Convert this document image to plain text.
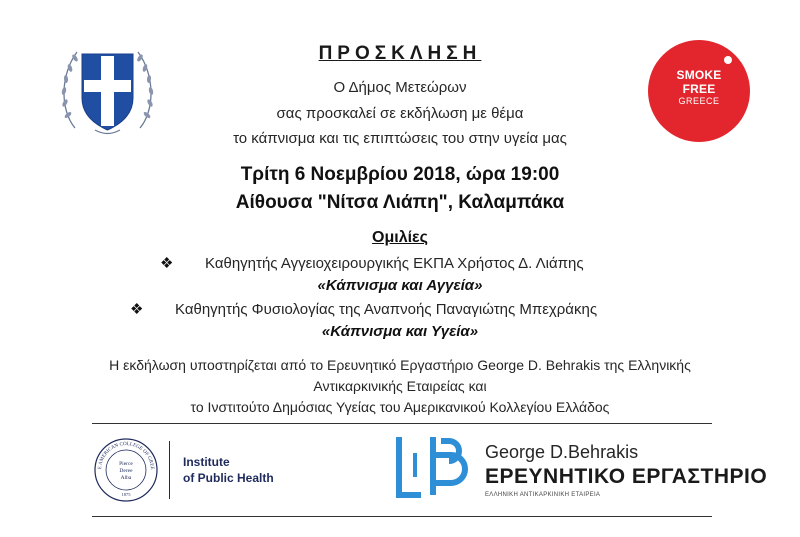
SMOKE
FREE
GREECE
ΠΡΟΣΚΛΗΣΗ
Ο Δήμος Μετεώρων
σας προσκαλεί σε εκδήλωση με θέμα
το κάπνισμα και τις επιπτώσεις του στην υγεία μας
Τρίτη 6 Νοεμβρίου 2018, ώρα 19:00
Αίθουσα "Νίτσα Λιάπη", Καλαμπάκα
Ομιλίες
❖ Καθηγητής Αγγειοχειρουργικής ΕΚΠΑ Χρήστος Δ. Λιάπης
«Κάπνισμα και Αγγεία»
❖ Καθηγητής Φυσιολογίας της Αναπνοής Παναγιώτης Μπεχράκης
«Κάπνισμα και Υγεία»
Η εκδήλωση υποστηρίζεται από το Ερευνητικό Εργαστήριο George D. Behrakis της Ελληνικής
Αντικαρκινικής Εταιρείας και
το Ινστιτούτο Δημόσιας Υγείας του Αμερικανικού Κολλεγίου Ελλάδος
E AMERICAN COLLEGE OF GREE
Pierce
Deree
Alba
1875
Institute
of Public Health
George D.Behrakis
ΕΡΕΥΝΗΤΙΚΟ ΕΡΓΑΣΤΗΡΙΟ
ΕΛΛΗΝΙΚΗ ΑΝΤΙΚΑΡΚΙΝΙΚΗ ΕΤΑΙΡΕΙΑ
